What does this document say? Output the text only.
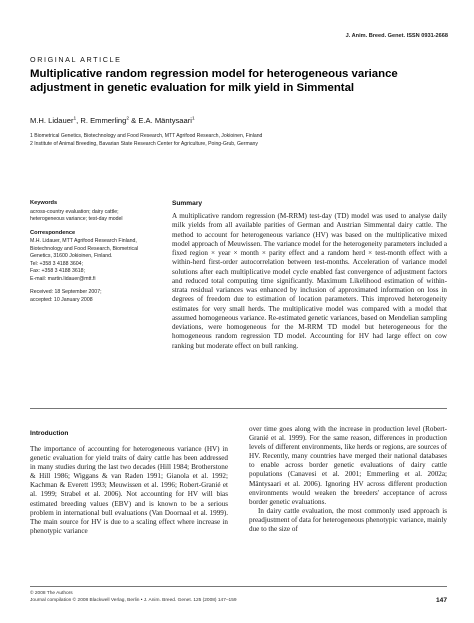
J. Anim. Breed. Genet. ISSN 0931-2668
ORIGINAL ARTICLE
Multiplicative random regression model for heterogeneous variance adjustment in genetic evaluation for milk yield in Simmental
M.H. Lidauer$^1$, R. Emmerling$^2$ & E.A. Mäntysaari$^1$
1 Biometrical Genetics, Biotechnology and Food Research, MTT Agrifood Research, Jokioinen, Finland
2 Institute of Animal Breeding, Bavarian State Research Center for Agriculture, Poing-Grub, Germany
Keywords
across-country evaluation; dairy cattle; heterogeneous variance; test-day model
Correspondence
M.H. Lidauer, MTT Agrifood Research Finland,
Biotechnology and Food Research, Biometrical
Genetics, 31600 Jokioinen, Finland.
Tel: +358 3 4188 3604;
Fax: +358 3 4188 3618;
E-mail: martin.lidauer@mtt.fi
Received: 18 September 2007;
accepted: 10 January 2008
Summary

A multiplicative random regression (M-RRM) test-day (TD) model was used to analyse daily milk yields from all available parities of German and Austrian Simmental dairy cattle. The method to account for heterogeneous variance (HV) was based on the multiplicative mixed model approach of Meuwissen. The variance model for the heterogeneity parameters included a fixed region × year × month × parity effect and a random herd × test-month effect with a within-herd first-order autocorrelation between test-months. Acceleration of variance model solutions after each multiplicative model cycle enabled fast convergence of adjustment factors and reduced total computing time significantly. Maximum Likelihood estimation of within-strata residual variances was enhanced by inclusion of approximated information on loss in degrees of freedom due to estimation of location parameters. This improved heterogeneity estimates for very small herds. The multiplicative model was compared with a model that assumed homogeneous variance. Re-estimated genetic variances, based on Mendelian sampling deviations, were homogeneous for the M-RRM TD model but heterogeneous for the homogeneous random regression TD model. Accounting for HV had large effect on cow ranking but moderate effect on bull ranking.

Introduction

The importance of accounting for heterogeneous variance (HV) in genetic evaluation for yield traits of dairy cattle has been addressed in many studies during the last two decades (Hill 1984; Brotherstone & Hill 1986; Wiggans & van Raden 1991; Gianola et al. 1992; Kachman & Everett 1993; Meuwissen et al. 1996; Robert-Granié et al. 1999; Strabel et al. 2006). Not accounting for HV will bias estimated breeding values (EBV) and is known to be a serious problem in international bull evaluations (Van Doornaal et al. 1999). The main source for HV is due to a scaling effect where increase in phenotypic variance

over time goes along with the increase in production level (Robert-Granié et al. 1999). For the same reason, differences in production levels of different environments, like herds or regions, are sources of HV. Recently, many countries have merged their national databases to enable across border genetic evaluations of dairy cattle populations (Canavesi et al. 2001; Emmerling et al. 2002a; Mäntysaari et al. 2006). Ignoring HV across different production environments would weaken the breeders' acceptance of across border genetic evaluations.

In dairy cattle evaluation, the most commonly used approach is preadjustment of data for heterogeneous phenotypic variance, mainly due to the size of

© 2008 The Authors
Journal compilation © 2008 Blackwell Verlag, Berlin • J. Anim. Breed. Genet. 125 (2008) 147–159	147
